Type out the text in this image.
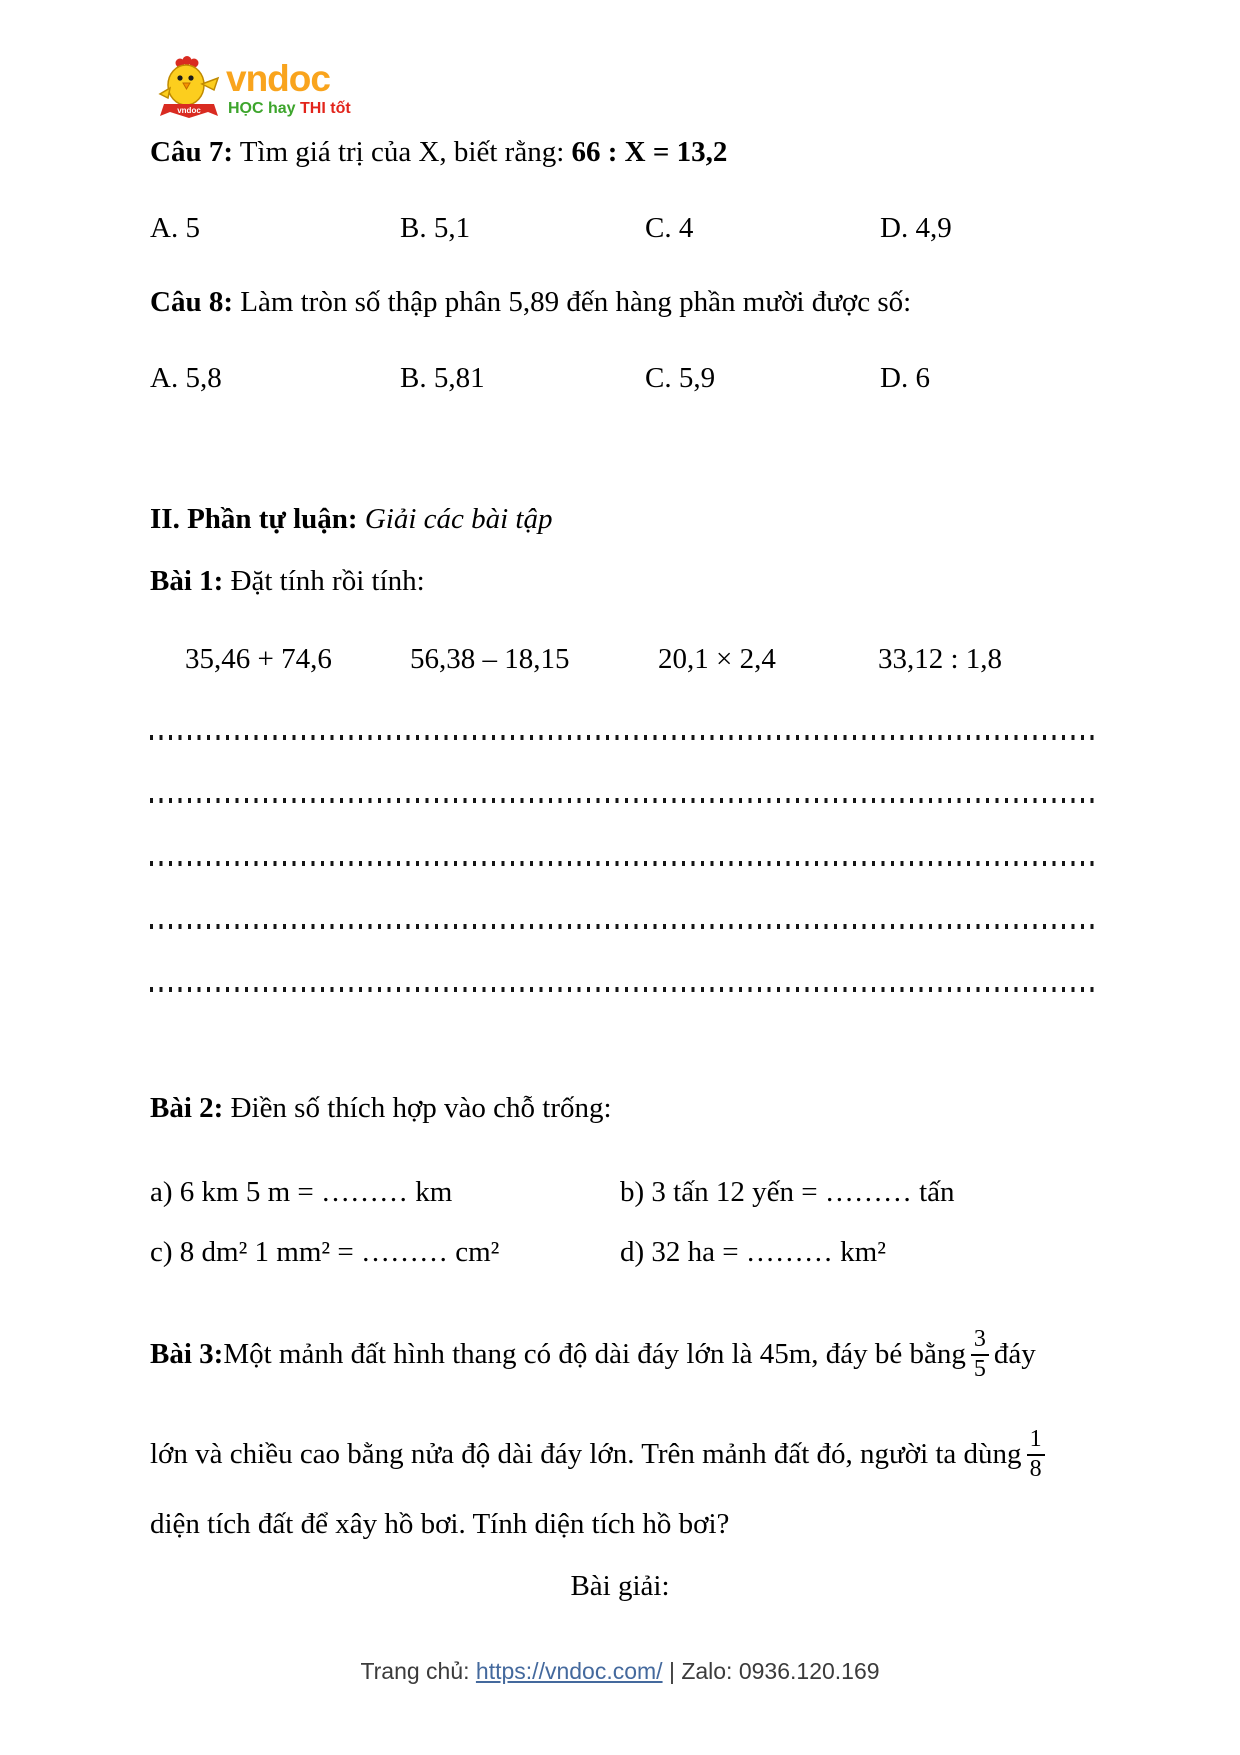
vndoc
vndoc
HỌC hay THI tốt
Câu 7: Tìm giá trị của X, biết rằng: 66 : X = 13,2
A. 5	B. 5,1	C. 4	D. 4,9
Câu 8: Làm tròn số thập phân 5,89 đến hàng phần mười được số:
A. 5,8	B. 5,81	C. 5,9	D. 6
II. Phần tự luận: Giải các bài tập
Bài 1: Đặt tính rồi tính:
35,46 + 74,6	56,38 – 18,15	20,1 × 2,4	33,12 : 1,8
Bài 2: Điền số thích hợp vào chỗ trống:
a) 6 km 5 m = ……… km	b) 3 tấn 12 yến = ……… tấn
c) 8 dm² 1 mm² = ……… cm²	d) 32 ha = ……… km²
Bài 3: Một mảnh đất hình thang có độ dài đáy lớn là 45m, đáy bé bằng $\frac{3}{5}$ đáy
lớn và chiều cao bằng nửa độ dài đáy lớn. Trên mảnh đất đó, người ta dùng $\frac{1}{8}$
diện tích đất để xây hồ bơi. Tính diện tích hồ bơi?
Bài giải:
Trang chủ: https://vndoc.com/ | Zalo: 0936.120.169
